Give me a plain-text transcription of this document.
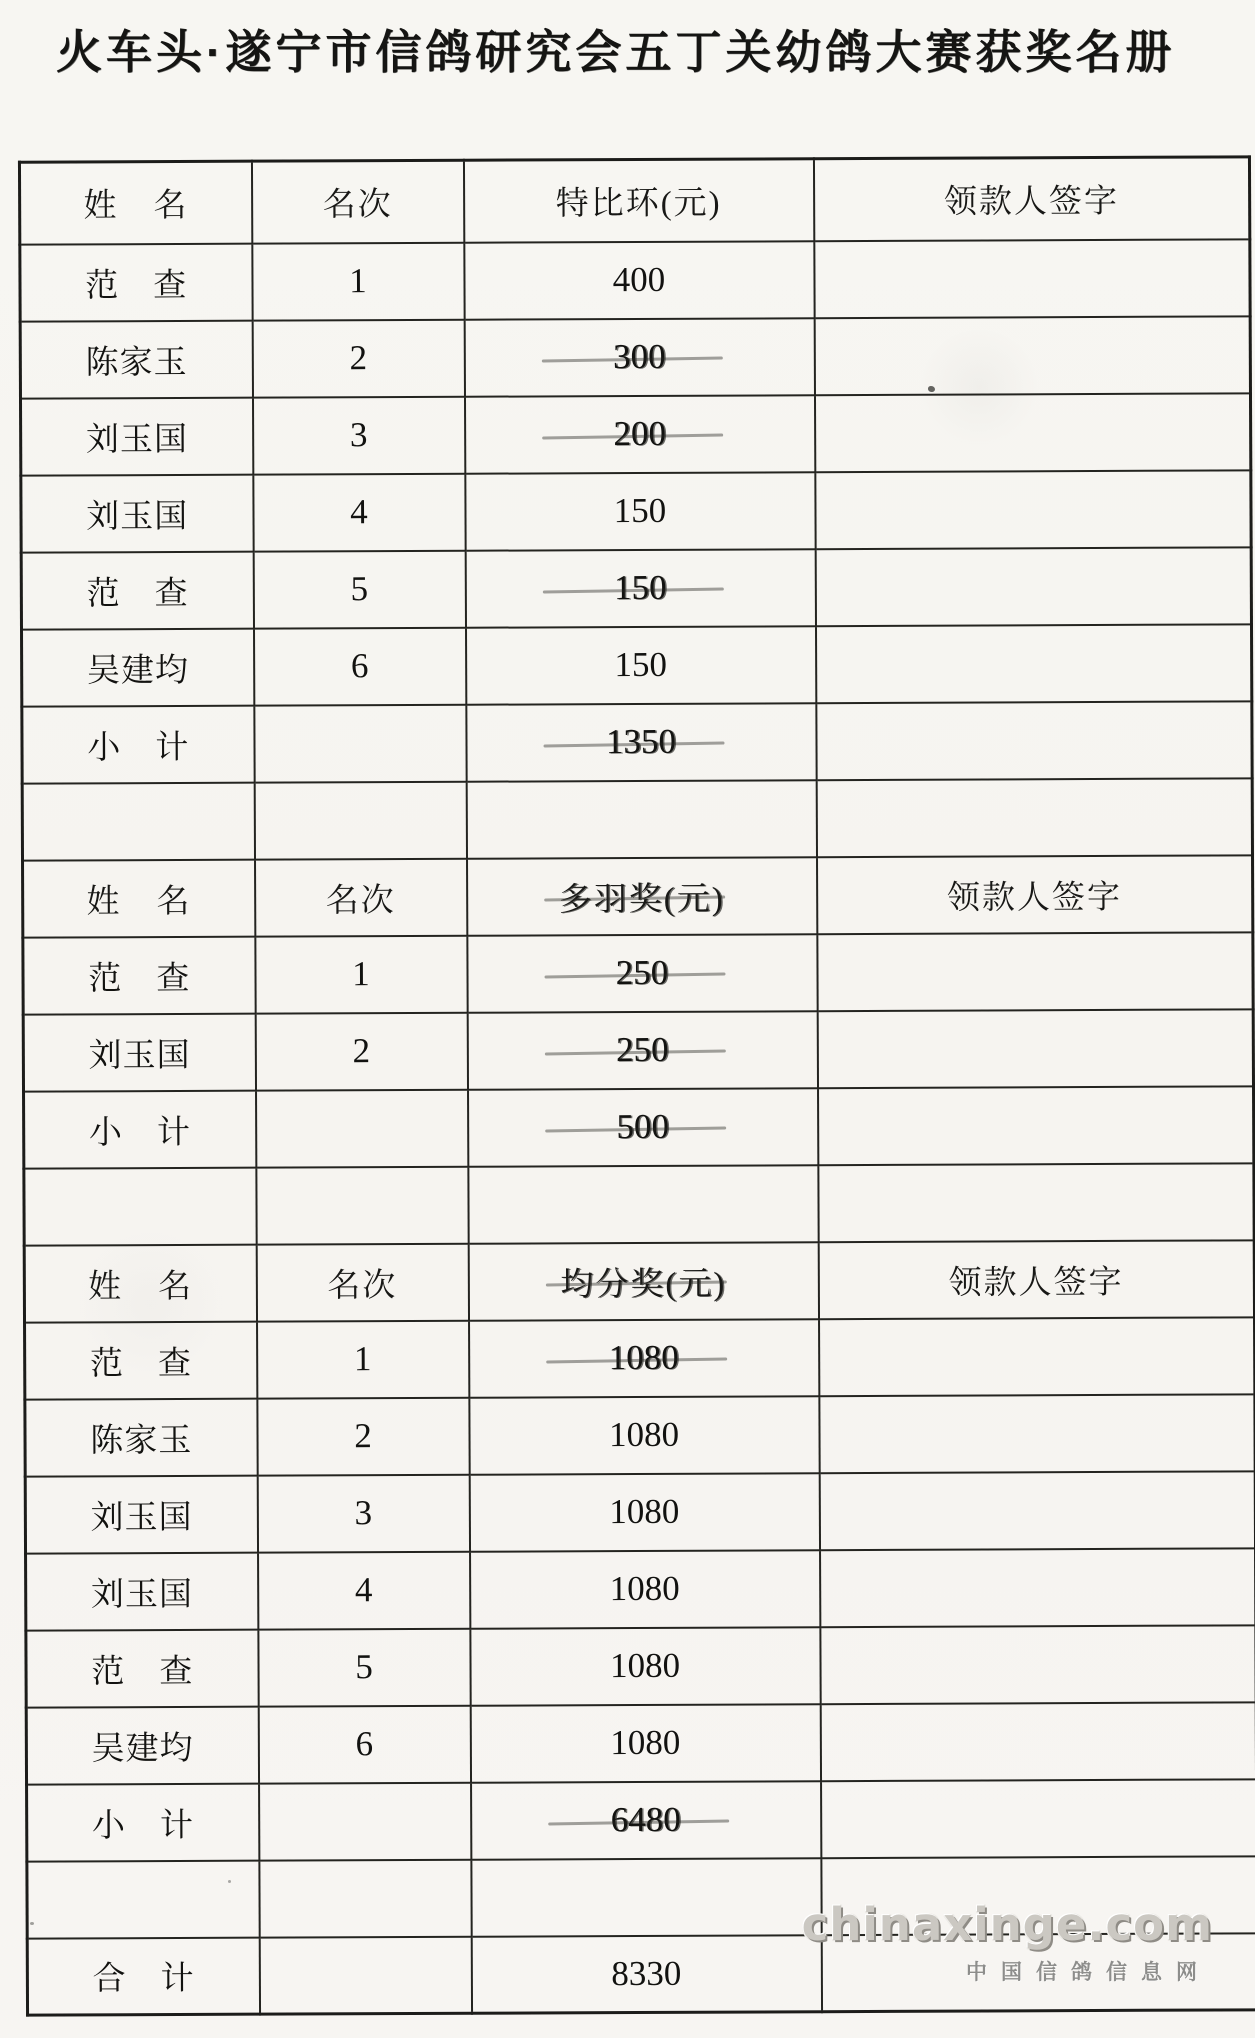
火车头·遂宁市信鸽研究会五丁关幼鸽大赛获奖名册
姓　名	名次	特比环(元)	领款人签字
范　查	1	400	
陈家玉	2	300	
刘玉国	3	200	
刘玉国	4	150	
范　查	5	150	
吴建均	6	150	
小　计		1350	

姓　名	名次	多羽奖(元)	领款人签字
范　查	1	250	
刘玉国	2	250	
小　计		500	

姓　名	名次	均分奖(元)	领款人签字
范　查	1	1080	
陈家玉	2	1080	
刘玉国	3	1080	
刘玉国	4	1080	
范　查	5	1080	
吴建均	6	1080	
小　计		6480	

合　计		8330	
chinaxinge.com
中国信鸽信息网
